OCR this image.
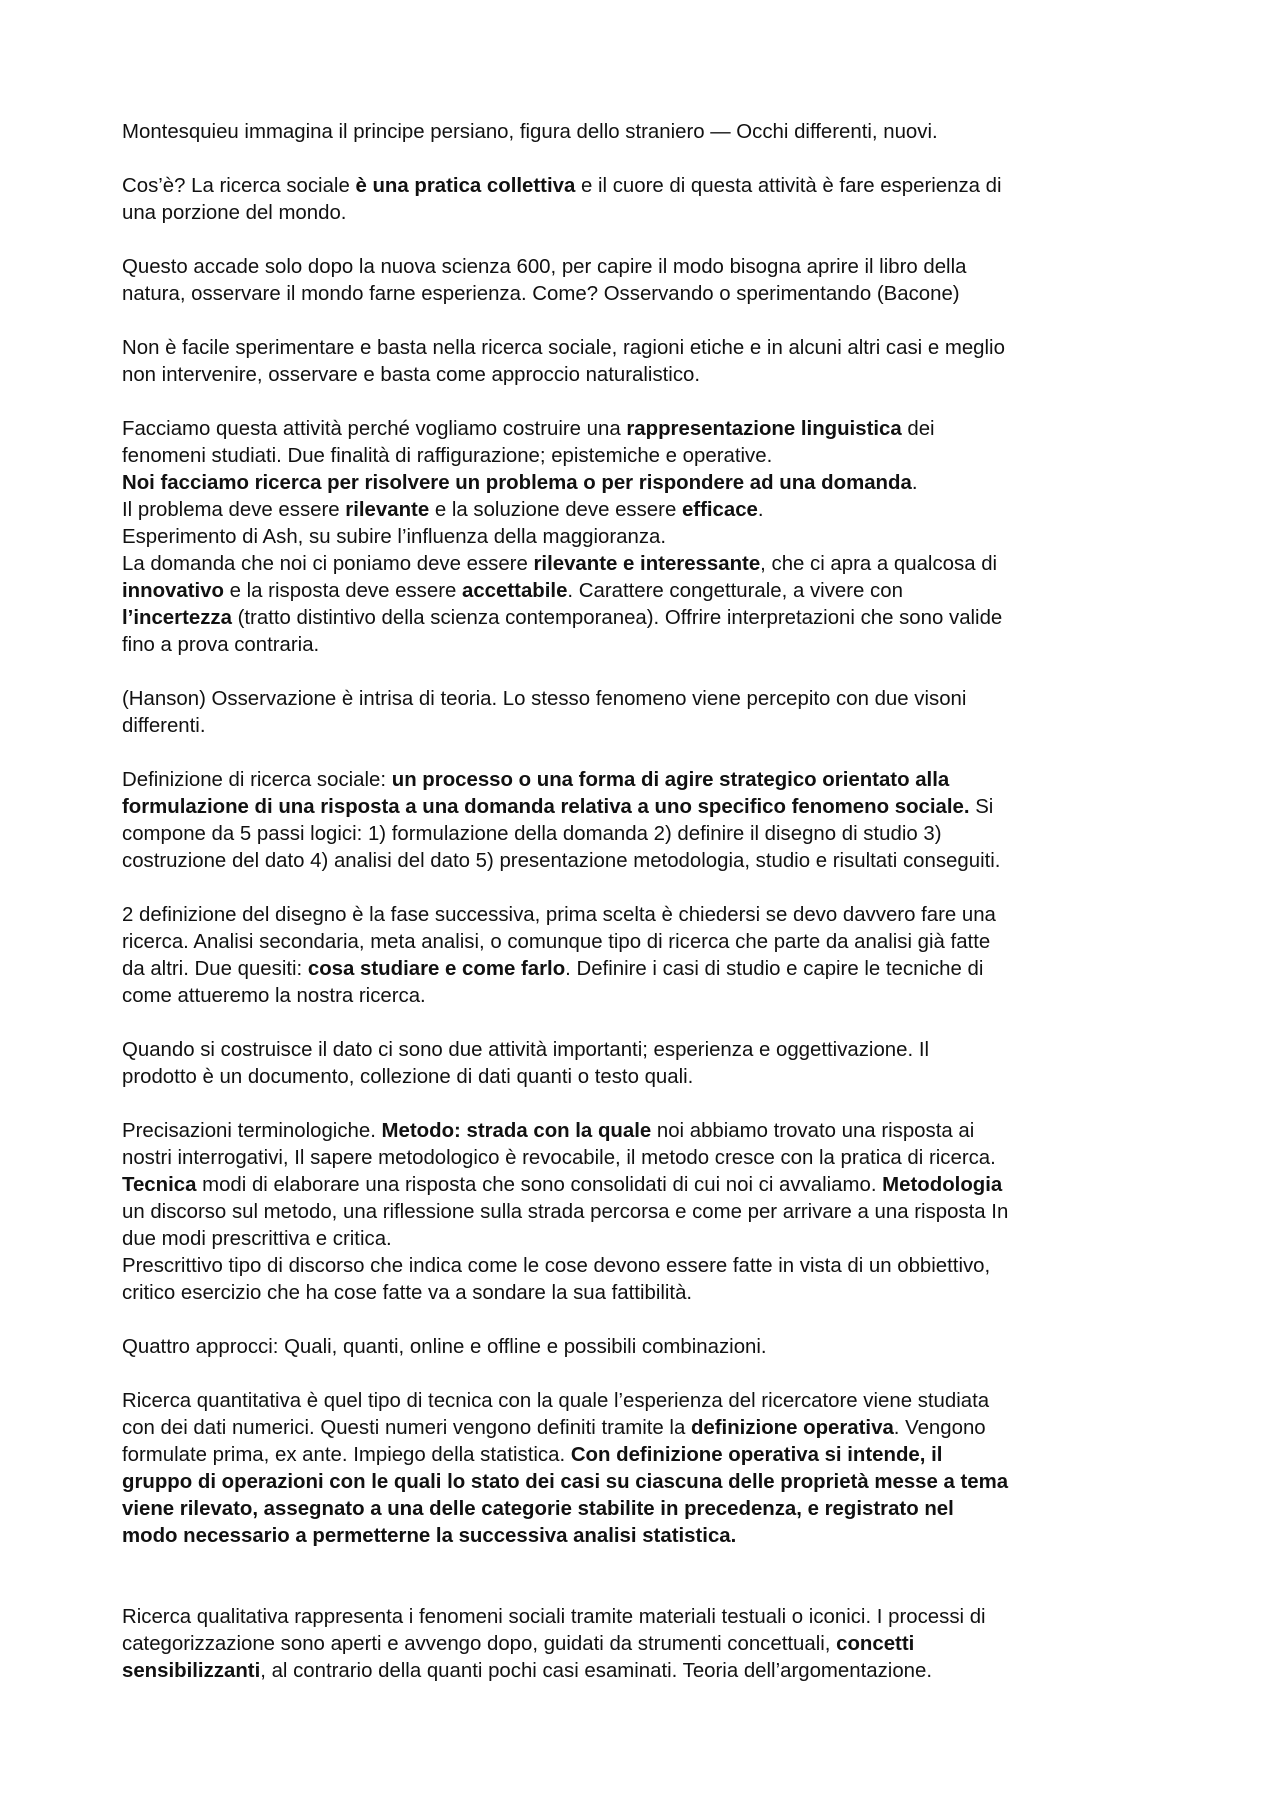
Montesquieu immagina il principe persiano, figura dello straniero — Occhi differenti, nuovi.
Cos’è? La ricerca sociale è una pratica collettiva e il cuore di questa attività è fare esperienza di
una porzione del mondo.
Questo accade solo dopo la nuova scienza 600, per capire il modo bisogna aprire il libro della
natura, osservare il mondo farne esperienza. Come? Osservando o sperimentando (Bacone)
Non è facile sperimentare e basta nella ricerca sociale, ragioni etiche e in alcuni altri casi e meglio
non intervenire, osservare e basta come approccio naturalistico.
Facciamo questa attività perché vogliamo costruire una rappresentazione linguistica dei
fenomeni studiati. Due finalità di raffigurazione; epistemiche e operative.
Noi facciamo ricerca per risolvere un problema o per rispondere ad una domanda.
Il problema deve essere rilevante e la soluzione deve essere efficace.
Esperimento di Ash, su subire l’influenza della maggioranza.
La domanda che noi ci poniamo deve essere rilevante e interessante, che ci apra a qualcosa di
innovativo e la risposta deve essere accettabile. Carattere congetturale, a vivere con
l’incertezza (tratto distintivo della scienza contemporanea). Offrire interpretazioni che sono valide
fino a prova contraria.
(Hanson) Osservazione è intrisa di teoria. Lo stesso fenomeno viene percepito con due visoni
differenti.
Definizione di ricerca sociale: un processo o una forma di agire strategico orientato alla
formulazione di una risposta a una domanda relativa a uno specifico fenomeno sociale. Si
compone da 5 passi logici: 1) formulazione della domanda 2) definire il disegno di studio 3)
costruzione del dato 4) analisi del dato 5) presentazione metodologia, studio e risultati conseguiti.
2 definizione del disegno è la fase successiva, prima scelta è chiedersi se devo davvero fare una
ricerca. Analisi secondaria, meta analisi, o comunque tipo di ricerca che parte da analisi già fatte
da altri. Due quesiti: cosa studiare e come farlo. Definire i casi di studio e capire le tecniche di
come attueremo la nostra ricerca.
Quando si costruisce il dato ci sono due attività importanti; esperienza e oggettivazione. Il
prodotto è un documento, collezione di dati quanti o testo quali.
Precisazioni terminologiche. Metodo: strada con la quale noi abbiamo trovato una risposta ai
nostri interrogativi, Il sapere metodologico è revocabile, il metodo cresce con la pratica di ricerca.
Tecnica modi di elaborare una risposta che sono consolidati di cui noi ci avvaliamo. Metodologia
un discorso sul metodo, una riflessione sulla strada percorsa e come per arrivare a una risposta In
due modi prescrittiva e critica.
Prescrittivo tipo di discorso che indica come le cose devono essere fatte in vista di un obbiettivo,
critico esercizio che ha cose fatte va a sondare la sua fattibilità.
Quattro approcci: Quali, quanti, online e offline e possibili combinazioni.
Ricerca quantitativa è quel tipo di tecnica con la quale l’esperienza del ricercatore viene studiata
con dei dati numerici. Questi numeri vengono definiti tramite la definizione operativa. Vengono
formulate prima, ex ante. Impiego della statistica. Con definizione operativa si intende, il
gruppo di operazioni con le quali lo stato dei casi su ciascuna delle proprietà messe a tema
viene rilevato, assegnato a una delle categorie stabilite in precedenza, e registrato nel
modo necessario a permetterne la successiva analisi statistica.
Ricerca qualitativa rappresenta i fenomeni sociali tramite materiali testuali o iconici. I processi di
categorizzazione sono aperti e avvengo dopo, guidati da strumenti concettuali, concetti
sensibilizzanti, al contrario della quanti pochi casi esaminati. Teoria dell’argomentazione.
